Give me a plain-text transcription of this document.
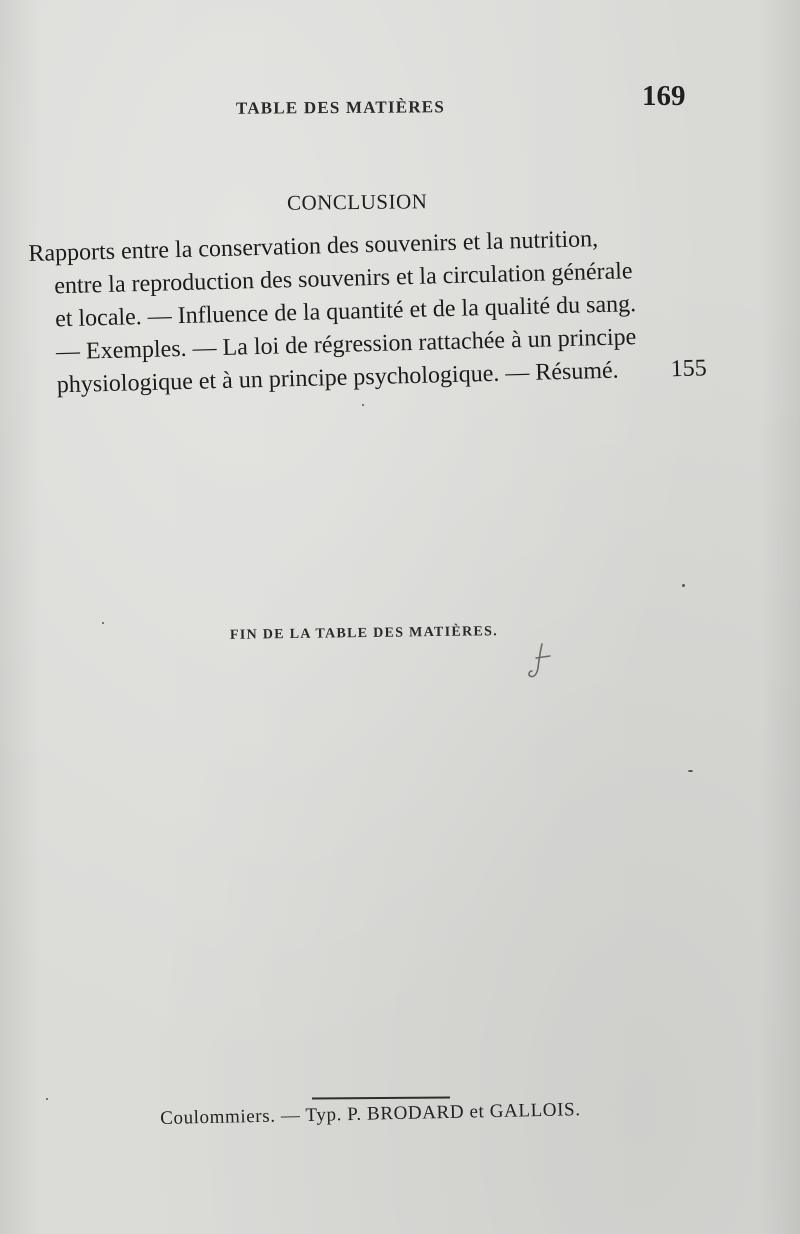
TABLE DES MATIÈRES	169
CONCLUSION
Rapports entre la conservation des souvenirs et la nutrition,
entre la reproduction des souvenirs et la circulation générale
et locale. — Influence de la quantité et de la qualité du sang.
— Exemples. — La loi de régression rattachée à un principe
physiologique et à un principe psychologique. — Résumé. 155
FIN DE LA TABLE DES MATIÈRES.
Coulommiers. — Typ. P. BRODARD et GALLOIS.
